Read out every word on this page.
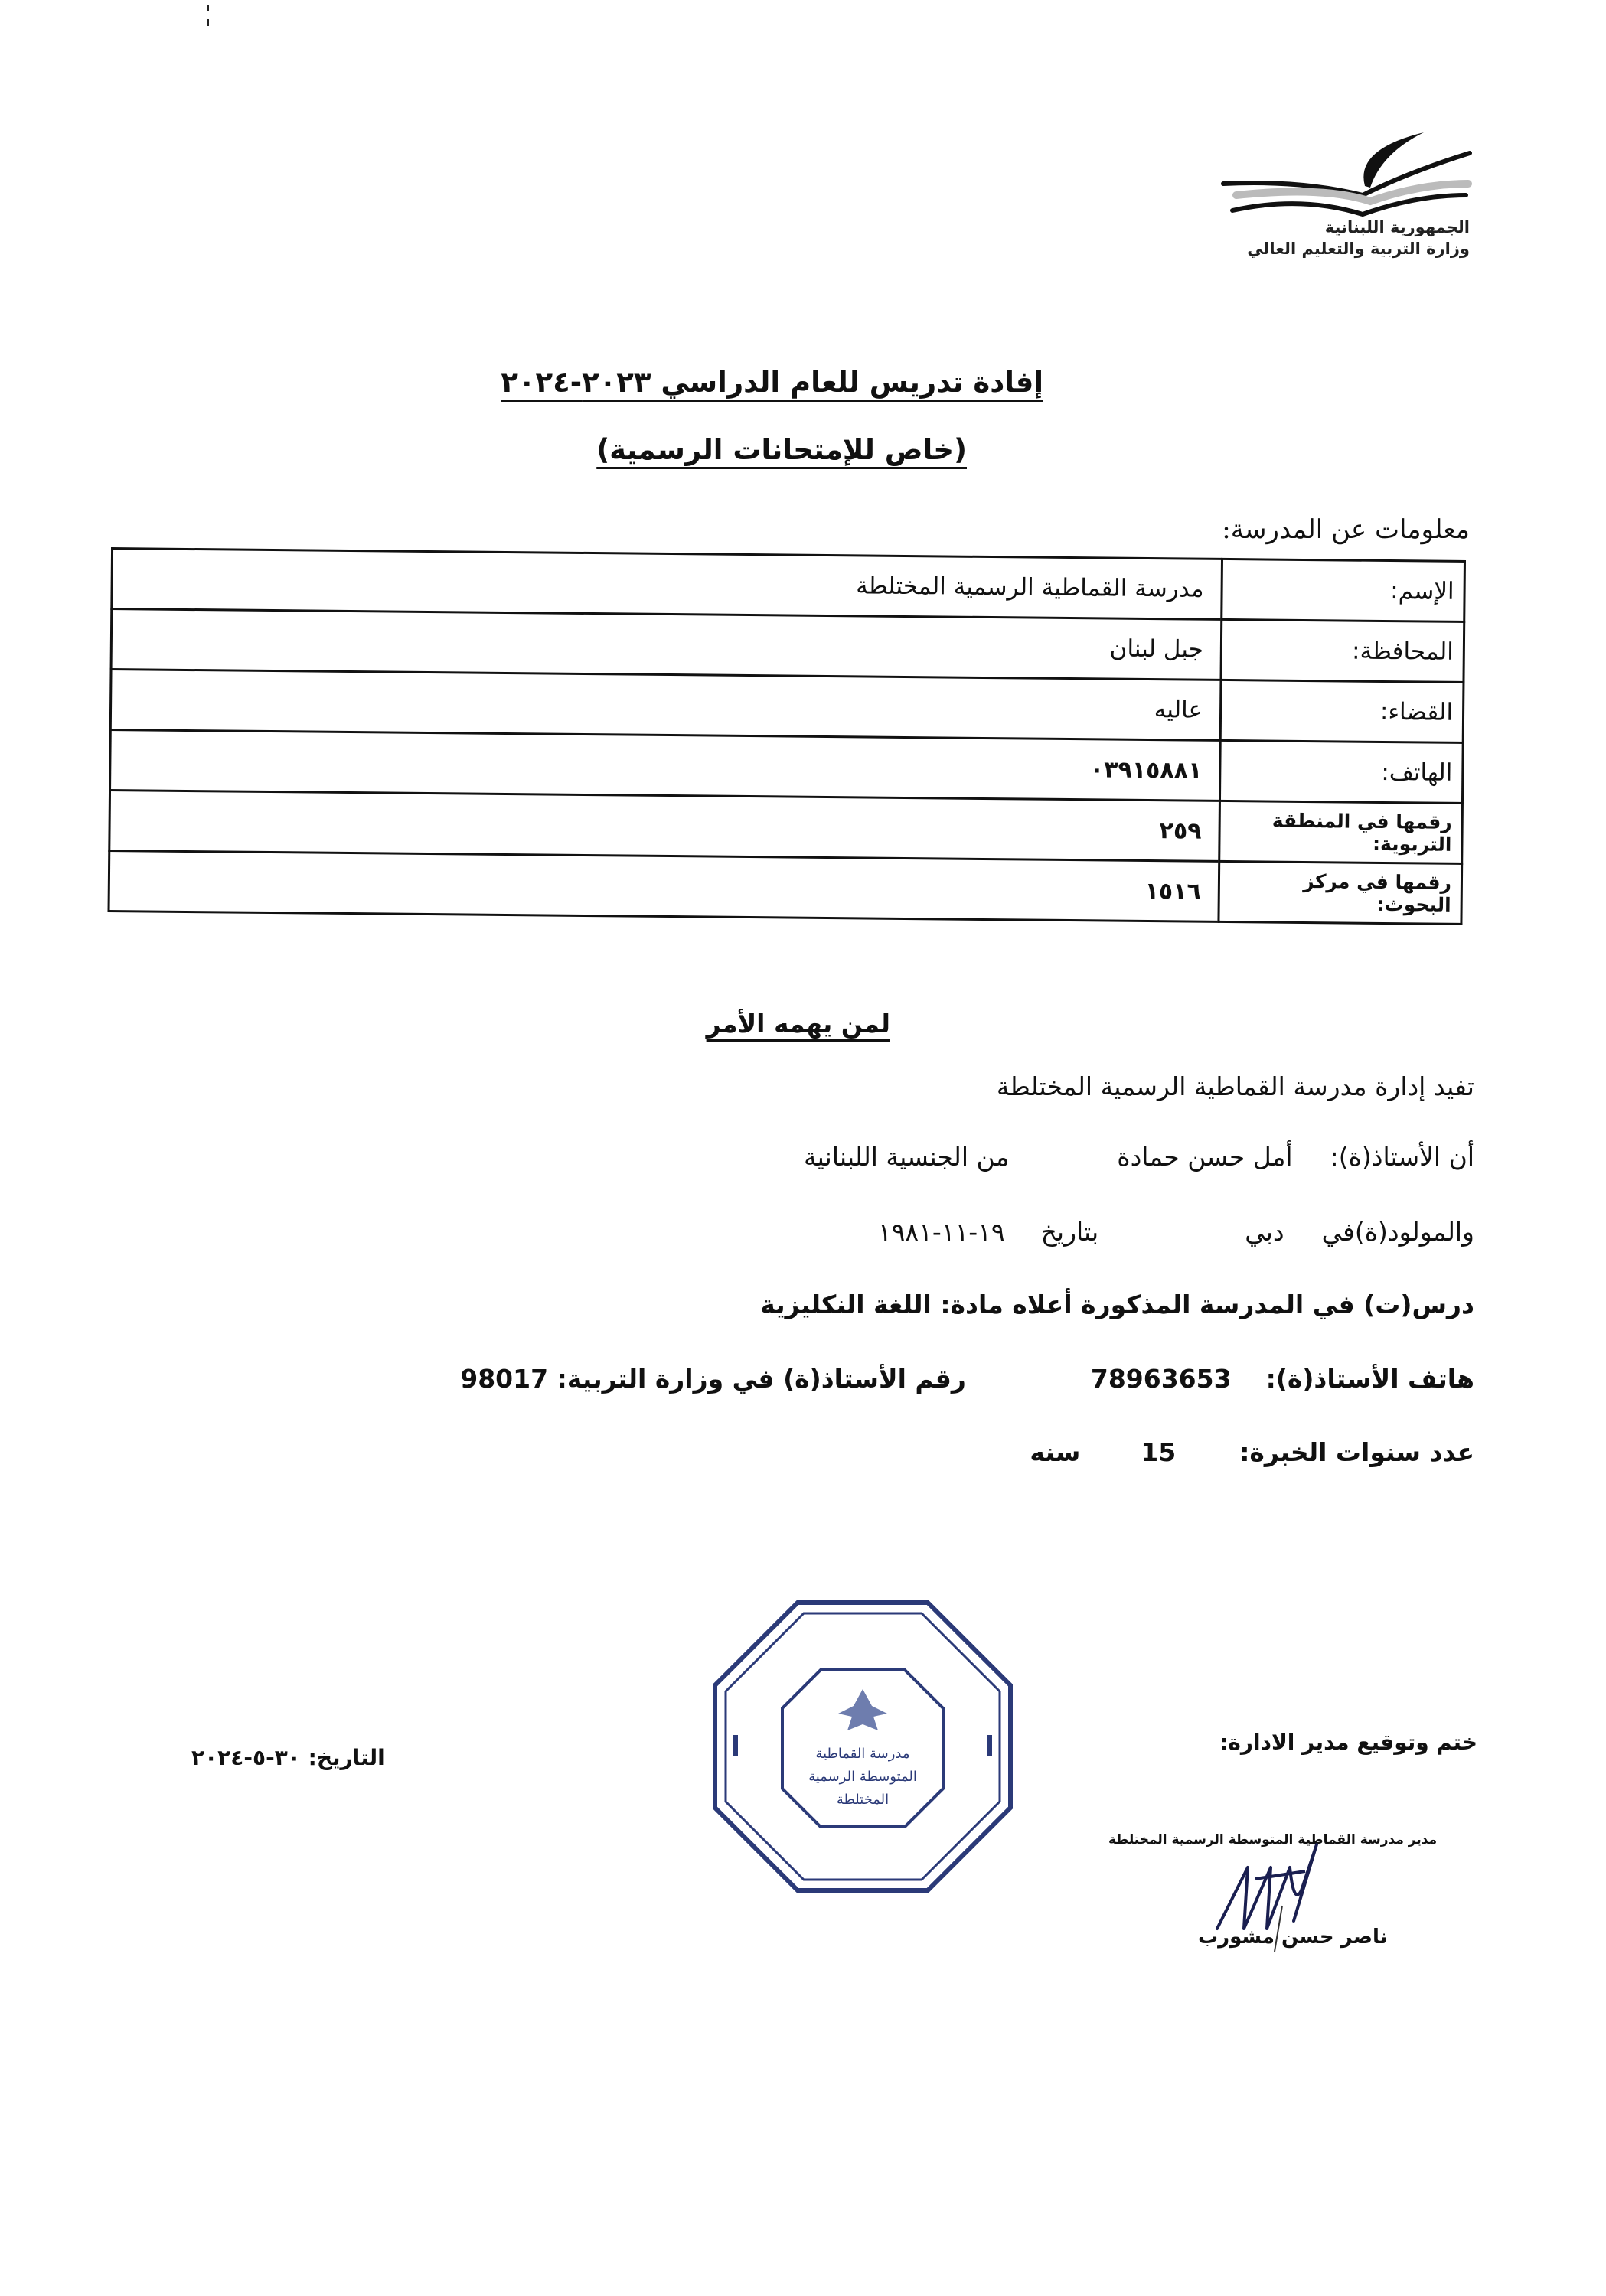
الجمهورية اللبنانية
وزارة التربية والتعليم العالي
إفادة تدريس للعام الدراسي ٢٠٢٣-٢٠٢٤
(خاص للإمتحانات الرسمية)
معلومات عن المدرسة:
الإسم:	مدرسة القماطية الرسمية المختلطة
المحافظة:	جبل لبنان
القضاء:	عاليه
الهاتف:	٠٣٩١٥٨٨١
رقمها في المنطقة التربوية:	٢٥٩
رقمها في مركز البحوث:	١٥١٦
لمن يهمه الأمر
تفيد إدارة مدرسة القماطية الرسمية المختلطة
أن الأستاذ(ة):  أمل حسن حمادة  من الجنسية اللبنانية
والمولود(ة)في  دبي  بتاريخ  ١٩-١١-١٩٨١
درس(ت) في المدرسة المذكورة أعلاه مادة: اللغة النكليزية
هاتف الأستاذ(ة):  78963653  رقم الأستاذ(ة) في وزارة التربية: 98017
عدد سنوات الخبرة:  15  سنه
مدرسة القماطية
المتوسطة الرسمية
المختلطة
ختم وتوقيع مدير الادارة:
التاريخ: ٣٠-٥-٢٠٢٤
مدير مدرسة القماطية المتوسطة الرسمية المختلطة
ناصر حسن مشورب
